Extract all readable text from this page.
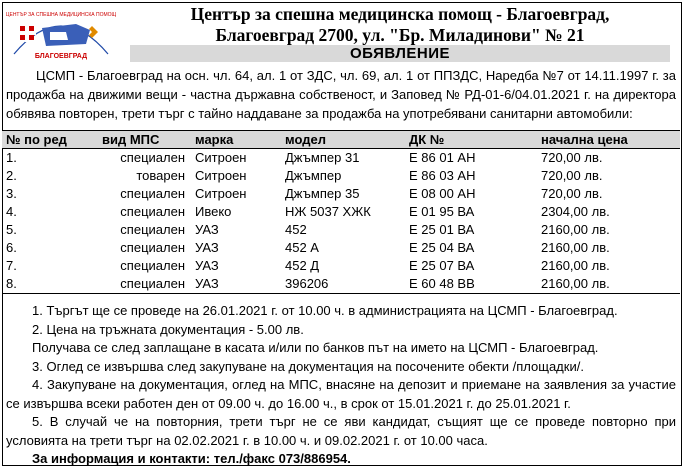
ЦЕНТЪР ЗА СПЕШНА МЕДИЦИНСКА ПОМОЩ
БЛАГОЕВГРАД
Център за спешна медицинска помощ - Благоевград,
Благоевград 2700, ул. "Бр. Миладинови" № 21
ОБЯВЛЕНИЕ

ЦСМП - Благоевград на осн. чл. 64, ал. 1 от ЗДС, чл. 69, ал. 1 от ППЗДС, Наредба №7 от 14.11.1997 г. за продажба на движими вещи - частна държавна собственост, и Заповед № РД-01-6/04.01.2021 г. на директора обявява повторен, трети търг с тайно наддаване за продажба на употребявани санитарни автомобили:

№ по ред	вид МПС	марка	модел	ДК №	начална цена
1.	специален	Ситроен	Джъмпер 31	Е 86 01 АН	720,00 лв.
2.	товарен	Ситроен	Джъмпер	Е 86 03 АН	720,00 лв.
3.	специален	Ситроен	Джъмпер 35	Е 08 00 АН	720,00 лв.
4.	специален	Ивеко	НЖ 5037 ХЖК	Е 01 95 ВА	2304,00 лв.
5.	специален	УАЗ	452	Е 25 01 ВА	2160,00 лв.
6.	специален	УАЗ	452 А	Е 25 04 ВА	2160,00 лв.
7.	специален	УАЗ	452 Д	Е 25 07 ВА	2160,00 лв.
8.	специален	УАЗ	396206	Е 60 48 ВВ	2160,00 лв.

1. Търгът ще се проведе на 26.01.2021 г. от 10.00 ч. в администрацията на ЦСМП - Благоевград.

2. Цена на тръжната документация - 5.00 лв.

Получава се след заплащане в касата и/или по банков път на името на ЦСМП - Благоевград.

3. Оглед се извършва след закупуване на документация на посочените обекти /площадки/.

4. Закупуване на документация, оглед на МПС, внасяне на депозит и приемане на заявления за участие се извършва всеки работен ден от 09.00 ч. до 16.00 ч., в срок от 15.01.2021 г. до 25.01.2021 г.

5. В случай че на повторния, трети търг не се яви кандидат, същият ще се проведе повторно при условията на трети търг на 02.02.2021 г. в 10.00 ч. и 09.02.2021 г. от 10.00 часа.

За информация и контакти: тел./факс 073/886954.
